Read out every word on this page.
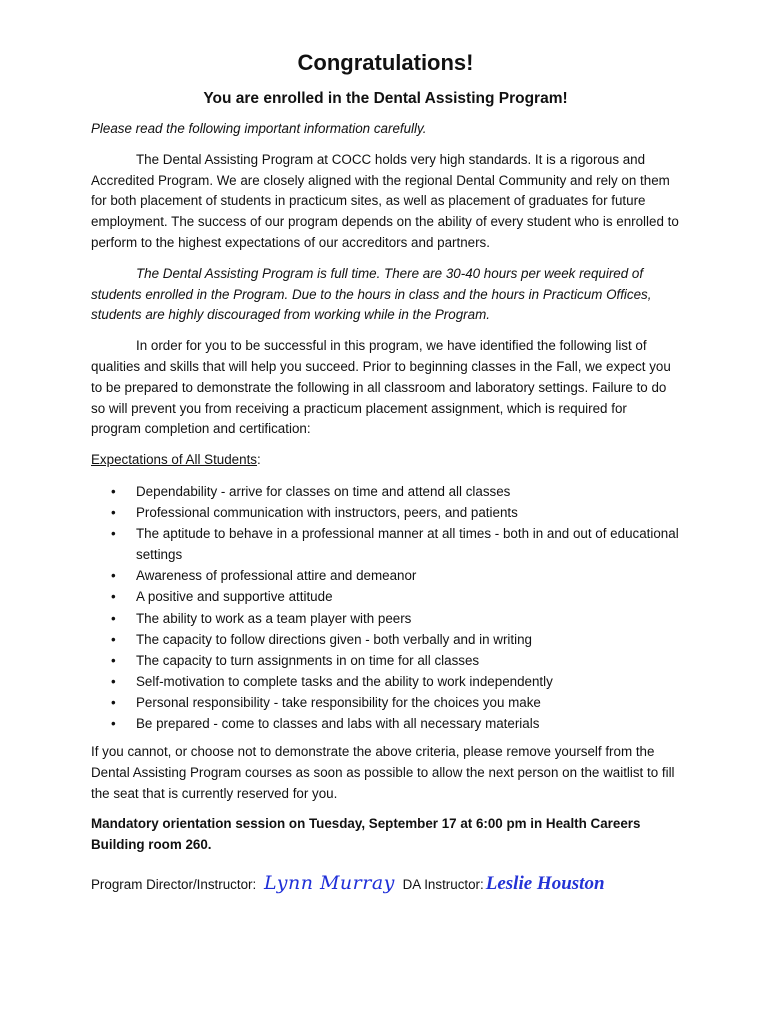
Congratulations!
You are enrolled in the Dental Assisting Program!

Please read the following important information carefully.

The Dental Assisting Program at COCC holds very high standards. It is a rigorous and Accredited Program. We are closely aligned with the regional Dental Community and rely on them for both placement of students in practicum sites, as well as placement of graduates for future employment. The success of our program depends on the ability of every student who is enrolled to perform to the highest expectations of our accreditors and partners.

The Dental Assisting Program is full time. There are 30-40 hours per week required of students enrolled in the Program. Due to the hours in class and the hours in Practicum Offices, students are highly discouraged from working while in the Program.

In order for you to be successful in this program, we have identified the following list of qualities and skills that will help you succeed. Prior to beginning classes in the Fall, we expect you to be prepared to demonstrate the following in all classroom and laboratory settings. Failure to do so will prevent you from receiving a practicum placement assignment, which is required for program completion and certification:

Expectations of All Students:

• Dependability - arrive for classes on time and attend all classes
• Professional communication with instructors, peers, and patients
• The aptitude to behave in a professional manner at all times - both in and out of educational settings
• Awareness of professional attire and demeanor
• A positive and supportive attitude
• The ability to work as a team player with peers
• The capacity to follow directions given - both verbally and in writing
• The capacity to turn assignments in on time for all classes
• Self-motivation to complete tasks and the ability to work independently
• Personal responsibility - take responsibility for the choices you make
• Be prepared - come to classes and labs with all necessary materials

If you cannot, or choose not to demonstrate the above criteria, please remove yourself from the Dental Assisting Program courses as soon as possible to allow the next person on the waitlist to fill the seat that is currently reserved for you.

Mandatory orientation session on Tuesday, September 17 at 6:00 pm in Health Careers Building room 260.

Program Director/Instructor: Lynn Murray DA Instructor: Leslie Houston
